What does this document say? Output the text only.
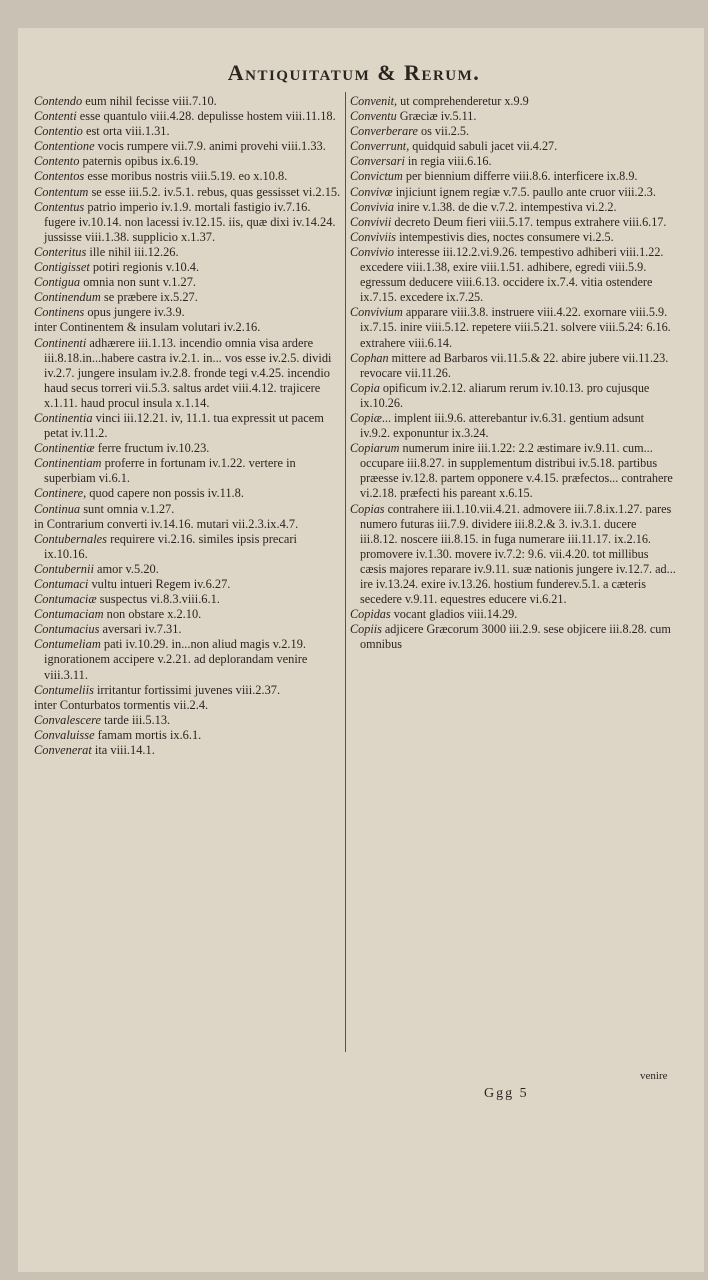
Antiquitatum & Rerum.

Contendo eum nihil fecisse viii.7.10.

Contenti esse quantulo viii.4.28. depulisse hostem viii.11.18.

Contentio est orta viii.1.31.

Contentione vocis rumpere vii.7.9. animi provehi viii.1.33.

Contento paternis opibus ix.6.19.

Contentos esse moribus nostris viii.5.19. eo x.10.8.

Contentum se esse iii.5.2. iv.5.1. rebus, quas gessisset vi.2.15.

Contentus patrio imperio iv.1.9. mortali fastigio iv.7.16. fugere iv.10.14. non lacessi iv.12.15. iis, quæ dixi iv.14.24. jussisse viii.1.38. supplicio x.1.37.

Conteritus ille nihil iii.12.26.

Contigisset potiri regionis v.10.4.

Contigua omnia non sunt v.1.27.

Continendum se præbere ix.5.27.

Continens opus jungere iv.3.9.

inter Continentem & insulam volutari iv.2.16.

Continenti adhærere iii.1.13. incendio omnia visa ardere iii.8.18.in...habere castra iv.2.1. in... vos esse iv.2.5. dividi iv.2.7. jungere insulam iv.2.8. fronde tegi v.4.25. incendio haud secus torreri vii.5.3. saltus ardet viii.4.12. trajicere x.1.11. haud procul insula x.1.14.

Continentia vinci iii.12.21. iv, 11.1. tua expressit ut pacem petat iv.11.2.

Continentiæ ferre fructum iv.10.23.

Continentiam proferre in fortunam iv.1.22. vertere in superbiam vi.6.1.

Continere, quod capere non possis iv.11.8.

Continua sunt omnia v.1.27.

in Contrarium converti iv.14.16. mutari vii.2.3.ix.4.7.

Contubernales requirere vi.2.16. similes ipsis precari ix.10.16.

Contubernii amor v.5.20.

Contumaci vultu intueri Regem iv.6.27.

Contumaciæ suspectus vi.8.3.viii.6.1.

Contumaciam non obstare x.2.10.

Contumacius aversari iv.7.31.

Contumeliam pati iv.10.29. in...non aliud magis v.2.19. ignorationem accipere v.2.21. ad deplorandam venire viii.3.11.

Contumeliis irritantur fortissimi juvenes viii.2.37.

inter Conturbatos tormentis vii.2.4.

Convalescere tarde iii.5.13.

Convaluisse famam mortis ix.6.1.

Convenerat ita viii.14.1.

Convenit, ut comprehenderetur x.9.9

Conventu Græciæ iv.5.11.

Converberare os vii.2.5.

Converrunt, quidquid sabuli jacet vii.4.27.

Conversari in regia viii.6.16.

Convictum per biennium differre viii.8.6. interficere ix.8.9.

Convivæ injiciunt ignem regiæ v.7.5. paullo ante cruor viii.2.3.

Convivia inire v.1.38. de die v.7.2. intempestiva vi.2.2.

Convivii decreto Deum fieri viii.5.17. tempus extrahere viii.6.17.

Conviviis intempestivis dies, noctes consumere vi.2.5.

Convivio interesse iii.12.2.vi.9.26. tempestivo adhiberi viii.1.22. excedere viii.1.38, exire viii.1.51. adhibere, egredi viii.5.9. egressum deducere viii.6.13. occidere ix.7.4. vitia ostendere ix.7.15. excedere ix.7.25.

Convivium apparare viii.3.8. instruere viii.4.22. exornare viii.5.9. ix.7.15. inire viii.5.12. repetere viii.5.21. solvere viii.5.24: 6.16. extrahere viii.6.14.

Cophan mittere ad Barbaros vii.11.5.& 22. abire jubere vii.11.23. revocare vii.11.26.

Copia opificum iv.2.12. aliarum rerum iv.10.13. pro cujusque ix.10.26.

Copiæ... implent iii.9.6. atterebantur iv.6.31. gentium adsunt iv.9.2. exponuntur ix.3.24.

Copiarum numerum inire iii.1.22: 2.2 æstimare iv.9.11. cum... occupare iii.8.27. in supplementum distribui iv.5.18. partibus præesse iv.12.8. partem opponere v.4.15. præfectos... contrahere vi.2.18. præfecti his pareant x.6.15.

Copias contrahere iii.1.10.vii.4.21. admovere iii.7.8.ix.1.27. pares numero futuras iii.7.9. dividere iii.8.2.& 3. iv.3.1. ducere iii.8.12. noscere iii.8.15. in fuga numerare iii.11.17. ix.2.16. promovere iv.1.30. movere iv.7.2: 9.6. vii.4.20. tot millibus cæsis majores reparare iv.9.11. suæ nationis jungere iv.12.7. ad... ire iv.13.24. exire iv.13.26. hostium funderev.5.1. a cæteris secedere v.9.11. equestres educere vi.6.21.

Copidas vocant gladios viii.14.29.

Copiis adjicere Græcorum 3000 iii.2.9. sese objicere iii.8.28. cum omnibus

Ggg 5
venire
